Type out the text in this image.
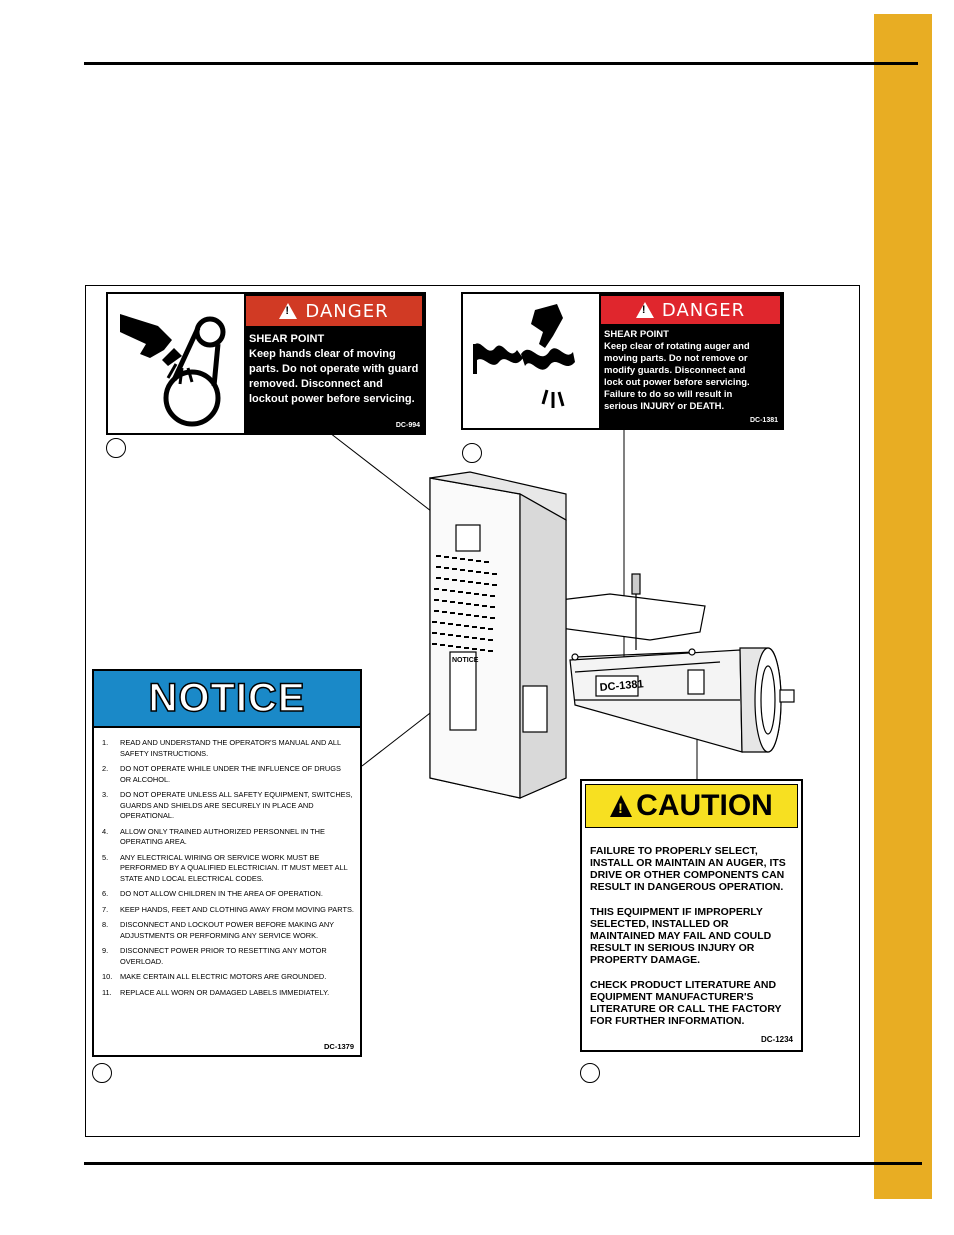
DC-1381
NOTICE
! DANGER
SHEAR POINT
Keep hands clear of moving parts. Do not operate with guard removed. Disconnect and lockout power before servicing.
DC-994
! DANGER
SHEAR POINT
Keep clear of rotating auger and moving parts. Do not remove or modify guards. Disconnect and lock out power before servicing. Failure to do so will result in serious INJURY or DEATH.
DC-1381
NOTICE
1.	READ AND UNDERSTAND THE OPERATOR'S MANUAL AND ALL SAFETY INSTRUCTIONS.
2.	DO NOT OPERATE WHILE UNDER THE INFLUENCE OF DRUGS OR ALCOHOL.
3.	DO NOT OPERATE UNLESS ALL SAFETY EQUIPMENT, SWITCHES, GUARDS AND SHIELDS ARE SECURELY IN PLACE AND OPERATIONAL.
4.	ALLOW ONLY TRAINED AUTHORIZED PERSONNEL IN THE OPERATING AREA.
5.	ANY ELECTRICAL WIRING OR SERVICE WORK MUST BE PERFORMED BY A QUALIFIED ELECTRICIAN. IT MUST MEET ALL STATE AND LOCAL ELECTRICAL CODES.
6.	DO NOT ALLOW CHILDREN IN THE AREA OF OPERATION.
7.	KEEP HANDS, FEET AND CLOTHING AWAY FROM MOVING PARTS.
8.	DISCONNECT AND LOCKOUT POWER BEFORE MAKING ANY ADJUSTMENTS OR PERFORMING ANY SERVICE WORK.
9.	DISCONNECT POWER PRIOR TO RESETTING ANY MOTOR OVERLOAD.
10.	MAKE CERTAIN ALL ELECTRIC MOTORS ARE GROUNDED.
11.	REPLACE ALL WORN OR DAMAGED LABELS IMMEDIATELY.
DC-1379
! CAUTION

FAILURE TO PROPERLY SELECT, INSTALL OR MAINTAIN AN AUGER, ITS DRIVE OR OTHER COMPONENTS CAN RESULT IN DANGEROUS OPERATION.

THIS EQUIPMENT IF IMPROPERLY SELECTED, INSTALLED OR MAINTAINED MAY FAIL AND COULD RESULT IN SERIOUS INJURY OR PROPERTY DAMAGE.

CHECK PRODUCT LITERATURE AND EQUIPMENT MANUFACTURER'S LITERATURE OR CALL THE FACTORY FOR FURTHER INFORMATION.

DC-1234
